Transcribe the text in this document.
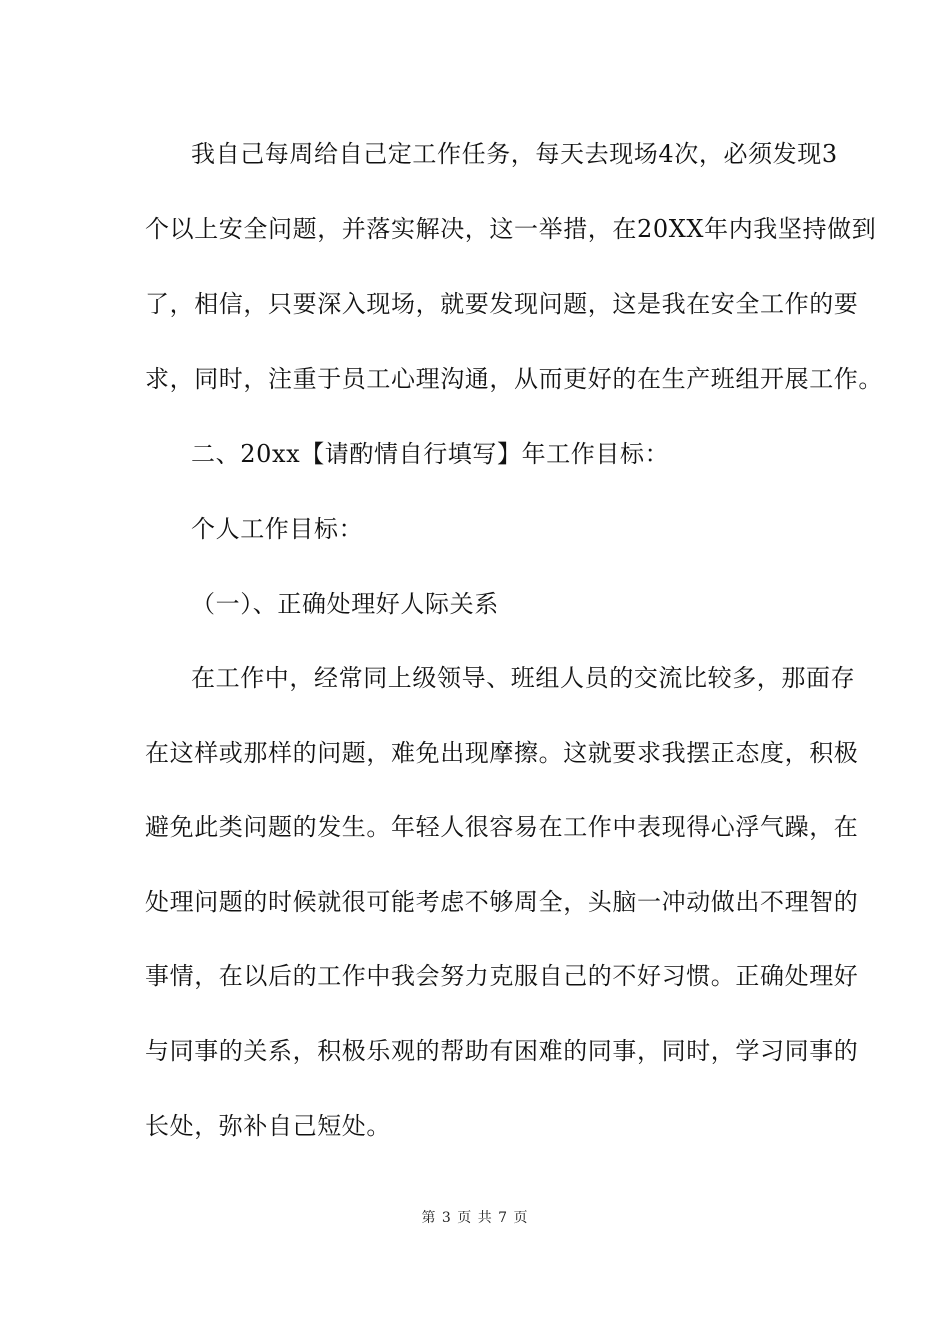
我自己每周给自己定工作任务，每天去现场4次，必须发现3
个以上安全问题，并落实解决，这一举措，在20XX年内我坚持做到
了，相信，只要深入现场，就要发现问题，这是我在安全工作的要
求，同时，注重于员工心理沟通，从而更好的在生产班组开展工作。
二、20xx【请酌情自行填写】年工作目标：
个人工作目标：
（一）、正确处理好人际关系
在工作中，经常同上级领导、班组人员的交流比较多，那面存
在这样或那样的问题，难免出现摩擦。这就要求我摆正态度，积极
避免此类问题的发生。年轻人很容易在工作中表现得心浮气躁，在
处理问题的时候就很可能考虑不够周全，头脑一冲动做出不理智的
事情，在以后的工作中我会努力克服自己的不好习惯。正确处理好
与同事的关系，积极乐观的帮助有困难的同事，同时，学习同事的
长处，弥补自己短处。
第 3 页 共 7 页
